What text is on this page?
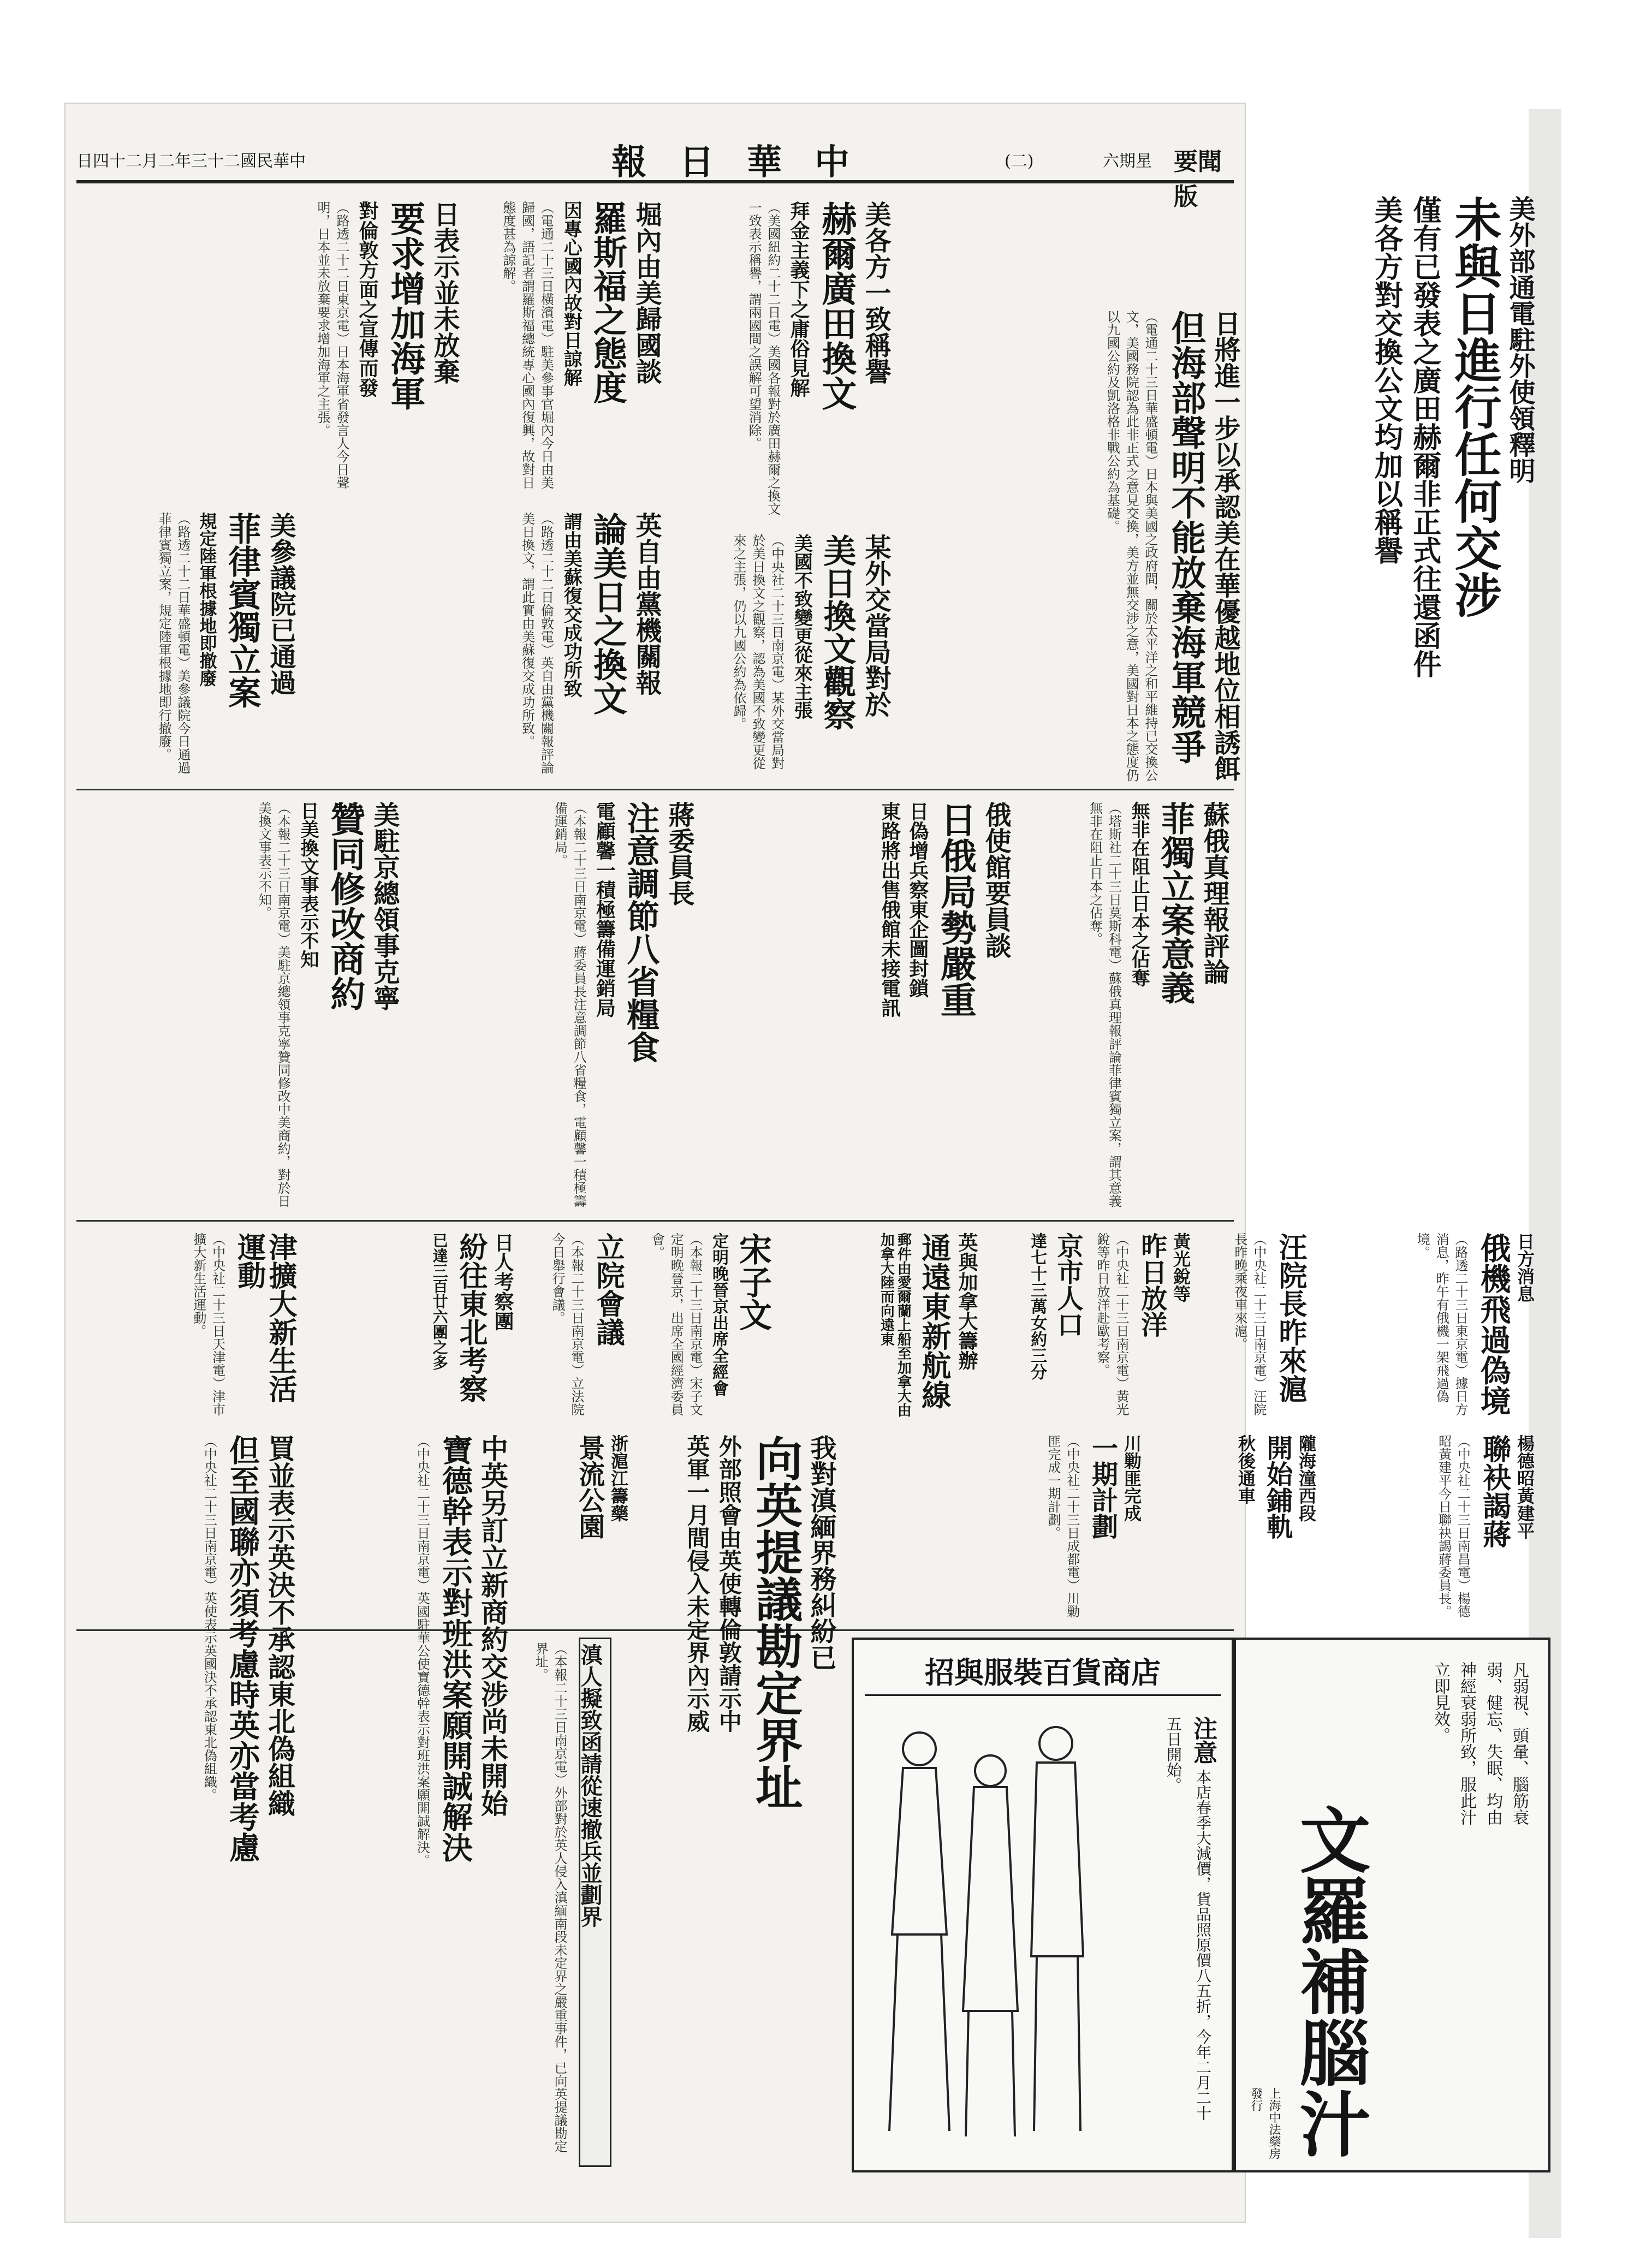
日四十二月二年三十二國民華中	報日華中	(二)	六期星 要聞版	美外部通電駐外使領釋明
未與日進行任何交涉
僅有已發表之廣田赫爾非正式往還函件
美各方對交換公文均加以稱譽
日將進一步以承認美在華優越地位相誘餌
但海部聲明不能放棄海軍競爭
（電通二十三日華盛頓電）日本與美國之政府間，關於太平洋之和平維持已交換公文，美國務院認為此非正式之意見交換，美方並無交涉之意，美國對日本之態度仍以九國公約及凱洛格非戰公約為基礎。
美各方一致稱譽
赫爾廣田換文
拜金主義下之庸俗見解
（美國紐約二十二日電）美國各報對於廣田赫爾之換文一致表示稱譽，謂兩國間之誤解可望消除。
某外交當局對於
美日換文觀察
美國不致變更從來主張
（中央社二十三日南京電）某外交當局對於美日換文之觀察，認為美國不致變更從來之主張，仍以九國公約為依歸。
堀內由美歸國談
羅斯福之態度
因專心國內故對日諒解
（電通二十三日橫濱電）駐美參事官堀內今日由美歸國，語記者謂羅斯福總統專心國內復興，故對日態度甚為諒解。
英自由黨機關報
論美日之換文
謂由美蘇復交成功所致
（路透二十二日倫敦電）英自由黨機關報評論美日換文，謂此實由美蘇復交成功所致。
日表示並未放棄
要求增加海軍
對倫敦方面之宣傳而發
（路透二十二日東京電）日本海軍省發言人今日聲明，日本並未放棄要求增加海軍之主張。
美參議院已通過
菲律賓獨立案
規定陸軍根據地即撤廢
（路透二十二日華盛頓電）美參議院今日通過菲律賓獨立案，規定陸軍根據地即行撤廢。
蘇俄真理報評論
菲獨立案意義
無非在阻止日本之佔奪
（塔斯社二十三日莫斯科電）蘇俄真理報評論菲律賓獨立案，謂其意義無非在阻止日本之佔奪。
俄使館要員談
日俄局勢嚴重
日偽增兵察東企圖封鎖
東路將出售俄館未接電訊
蔣委員長
注意調節八省糧食
電顧馨一積極籌備運銷局
（本報二十三日南京電）蔣委員長注意調節八省糧食，電顧馨一積極籌備運銷局。
美駐京總領事克寧
贊同修改商約
日美換文事表示不知
（本報二十三日南京電）美駐京總領事克寧贊同修改中美商約，對於日美換文事表示不知。
日方消息
俄機飛過偽境
（路透二十三日東京電）據日方消息，昨午有俄機一架飛過偽境。
汪院長昨來滬
（中央社二十三日南京電）汪院長昨晚乘夜車來滬。
黃光銳等
昨日放洋
（中央社二十三日南京電）黃光銳等昨日放洋赴歐考察。
京市人口
達七十三萬女約三分
英與加拿大籌辦
通遠東新航線
郵件由愛爾蘭上船至加拿大由加拿大陸而向遠東
宋子文
定明晚晉京出席全經會
（本報二十三日南京電）宋子文定明晚晉京，出席全國經濟委員會。
立院會議
（本報二十三日南京電）立法院今日舉行會議。
日人考察團
紛往東北考察
已達三百廿六團之多
津擴大新生活運動
（中央社二十三日天津電）津市擴大新生活運動。
浙滬江籌藥
景流公園	楊德昭黃建平
聯袂謁蔣
（中央社二十三日南昌電）楊德昭黃建平今日聯袂謁蔣委員長。
隴海潼西段
開始鋪軌
秋後通車
川勦匪完成
一期計劃
（中央社二十三日成都電）川勦匪完成一期計劃。
我對滇緬界務糾紛已
向英提議勘定界址
外部照會由英使轉倫敦請示中
英軍一月間侵入未定界內示威
滇人擬致函請從速撤兵並劃界
（本報二十三日南京電）外部對於英人侵入滇緬南段未定界之嚴重事件，已向英提議勘定界址。
中英另訂立新商約交涉尚未開始
寶德幹表示對班洪案願開誠解決
（中央社二十三日南京電）英國駐華公使寶德幹表示對班洪案願開誠解決。
買並表示英決不承認東北偽組織
但至國聯亦須考慮時英亦當考慮
（中央社二十三日南京電）英使表示英國決不承認東北偽組織。	招與服裝百貨商店
注意 本店春季大減價，貨品照原價八五折，今年二月二十五日開始。	凡弱視、頭暈、腦筋衰弱、健忘、失眠、均由神經衰弱所致，服此汁立即見效。
文羅補腦汁
上海中法藥房發行
